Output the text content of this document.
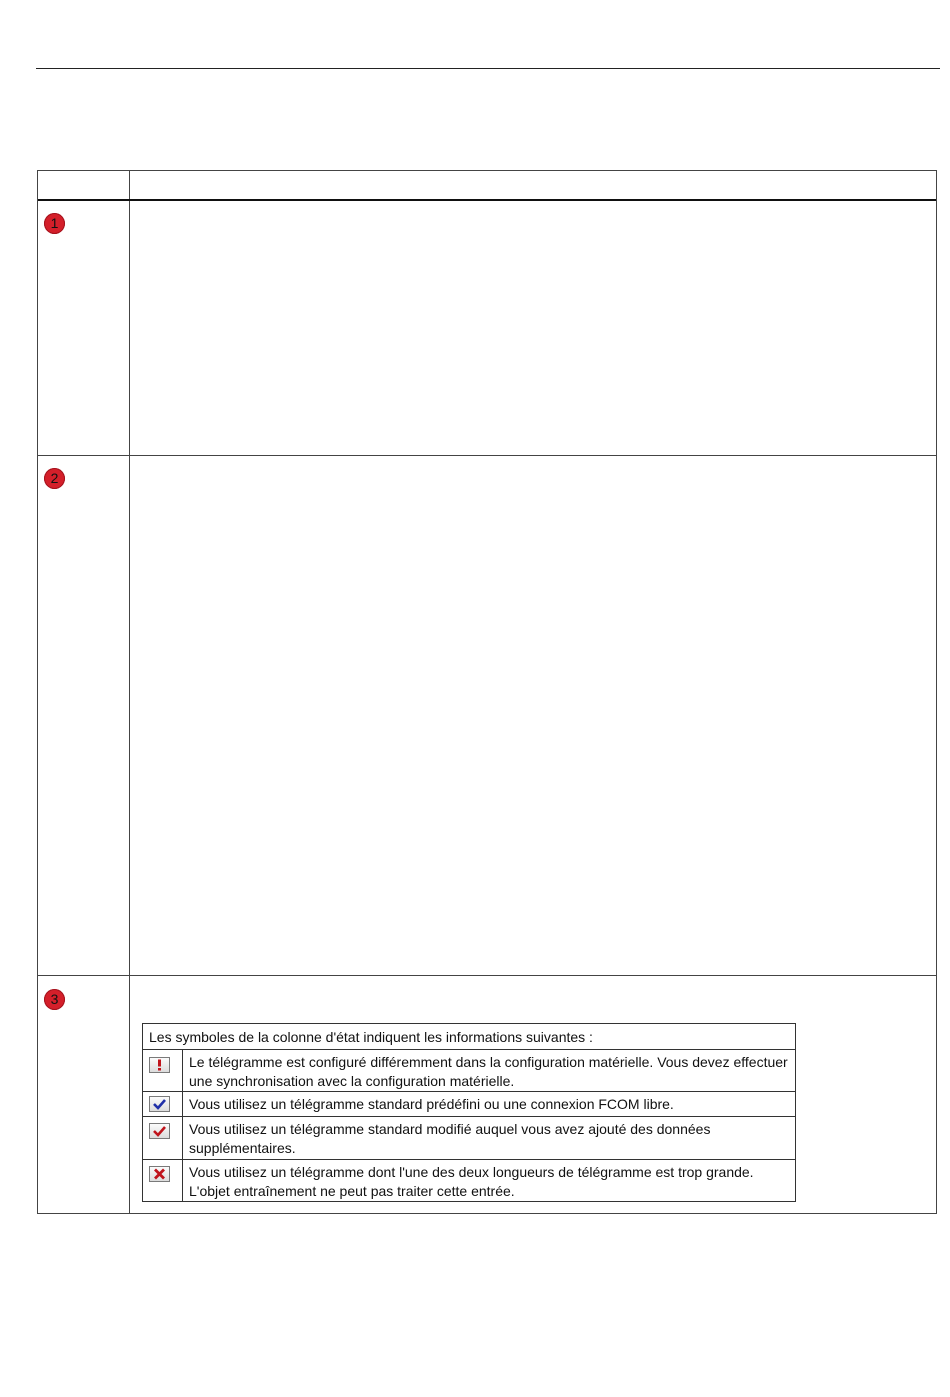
1
2
3
Les symboles de la colonne d'état indiquent les informations suivantes :
Le télégramme est configuré différemment dans la configuration matérielle. Vous devez effectuer une synchronisation avec la configuration matérielle.
Vous utilisez un télégramme standard prédéfini ou une connexion FCOM libre.
Vous utilisez un télégramme standard modifié auquel vous avez ajouté des données supplémentaires.
Vous utilisez un télégramme dont l'une des deux longueurs de télégramme est trop grande. L'objet entraînement ne peut pas traiter cette entrée.
